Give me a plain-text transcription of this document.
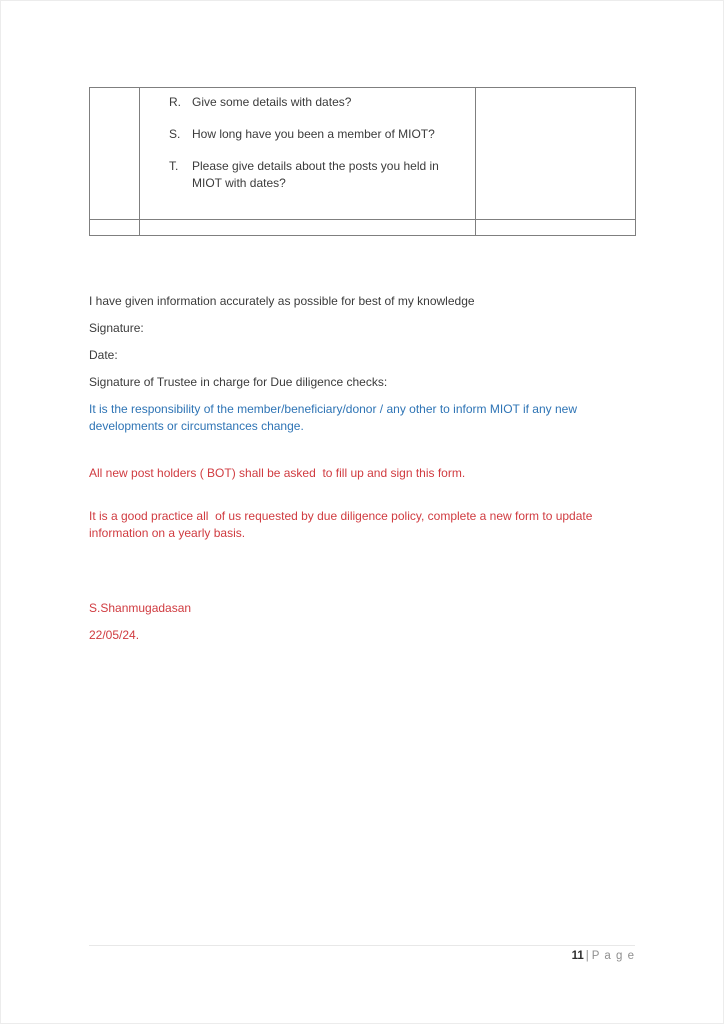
R. Give some details with dates?
S. How long have you been a member of MIOT?
T.	Please give details about the posts you held in MIOT with dates?

I have given information accurately as possible for best of my knowledge

Signature:

Date:

Signature of Trustee in charge for Due diligence checks:

It is the responsibility of the member/beneficiary/donor / any other to inform MIOT if any new developments or circumstances change.

All new post holders ( BOT) shall be asked  to fill up and sign this form.

It is a good practice all  of us requested by due diligence policy, complete a new form to update information on a yearly basis.

S.Shanmugadasan

22/05/24.

11 | P a g e
